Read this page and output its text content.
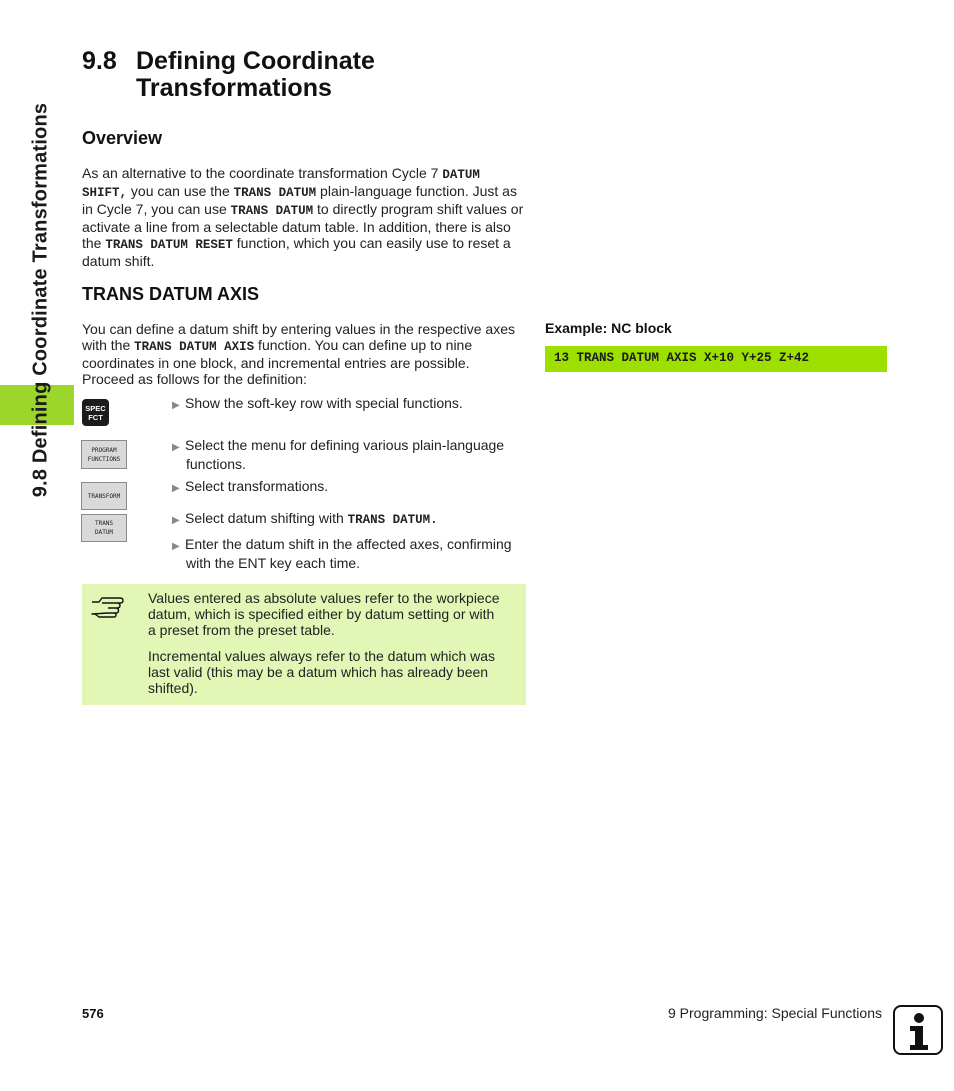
9.8 Defining Coordinate Transformations
9.8 Defining Coordinate
Transformations
Overview
As an alternative to the coordinate transformation Cycle 7 DATUM
SHIFT, you can use the TRANS DATUM plain-language function. Just as
in Cycle 7, you can use TRANS DATUM to directly program shift values or
activate a line from a selectable datum table. In addition, there is also
the TRANS DATUM RESET function, which you can easily use to reset a
datum shift.
TRANS DATUM AXIS
You can define a datum shift by entering values in the respective axes
with the TRANS DATUM AXIS function. You can define up to nine
coordinates in one block, and incremental entries are possible.
Proceed as follows for the definition:
SPEC
FCT
PROGRAM
FUNCTIONS
TRANSFORM
TRANS
DATUM
▶ Show the soft-key row with special functions.
▶ Select the menu for defining various plain-language
functions.
▶ Select transformations.
▶ Select datum shifting with TRANS DATUM.
▶ Enter the datum shift in the affected axes, confirming
with the ENT key each time.
Values entered as absolute values refer to the workpiece
datum, which is specified either by datum setting or with
a preset from the preset table.
Incremental values always refer to the datum which was
last valid (this may be a datum which has already been
shifted).
Example: NC block
13 TRANS DATUM AXIS X+10 Y+25 Z+42
576	9 Programming: Special Functions
